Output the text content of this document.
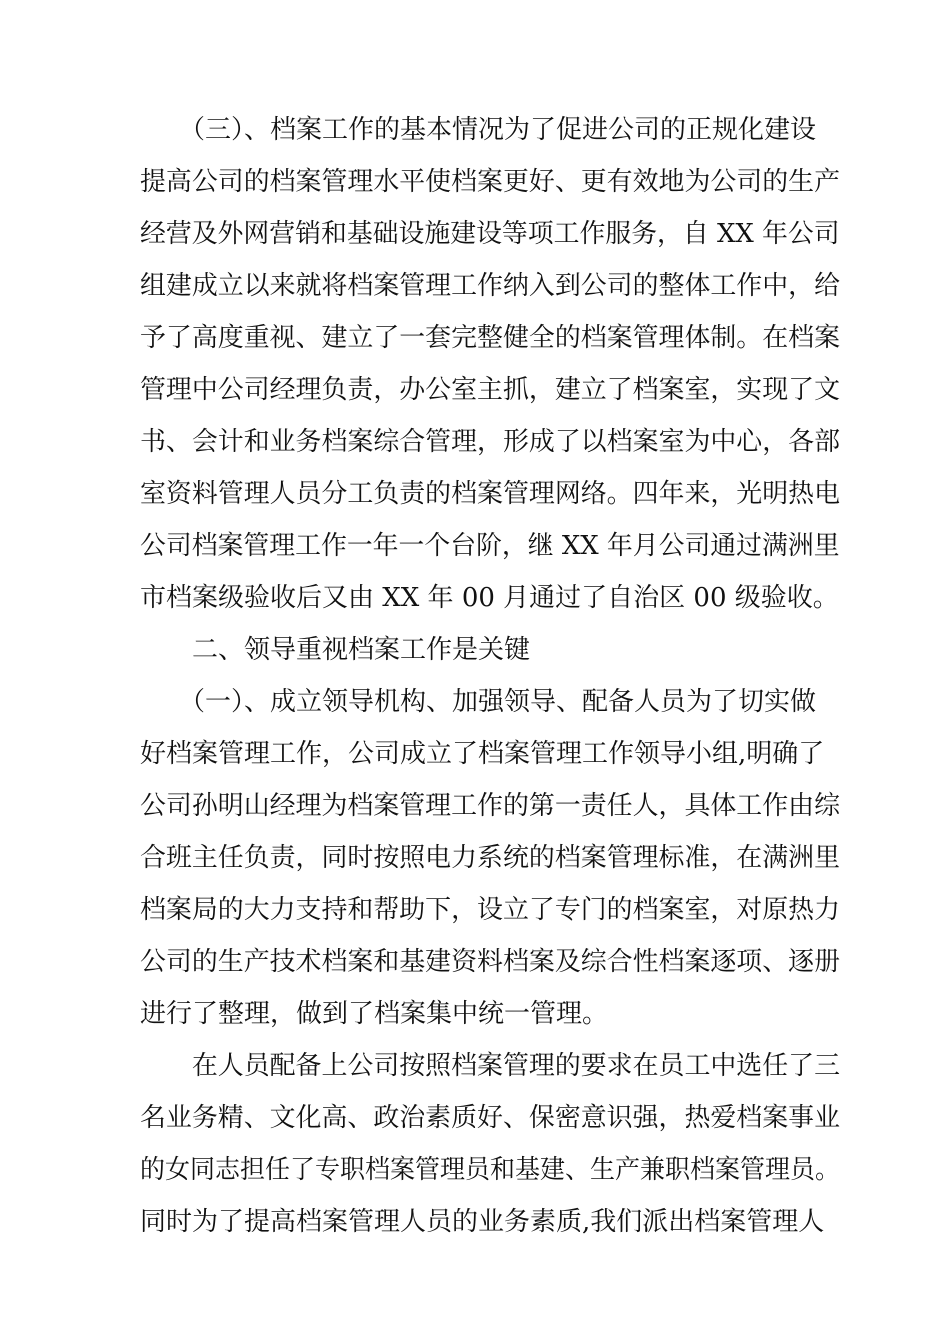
　　（三）、档案工作的基本情况为了促进公司的正规化建设
提高公司的档案管理水平使档案更好、更有效地为公司的生产
经营及外网营销和基础设施建设等项工作服务，自 XX 年公司
组建成立以来就将档案管理工作纳入到公司的整体工作中，给
予了高度重视、建立了一套完整健全的档案管理体制。在档案
管理中公司经理负责，办公室主抓，建立了档案室，实现了文
书、会计和业务档案综合管理，形成了以档案室为中心，各部
室资料管理人员分工负责的档案管理网络。四年来，光明热电
公司档案管理工作一年一个台阶，继 XX 年月公司通过满洲里
市档案级验收后又由 XX 年 00 月通过了自治区 00 级验收。
　　二、领导重视档案工作是关键
　　（一）、成立领导机构、加强领导、配备人员为了切实做
好档案管理工作，公司成立了档案管理工作领导小组,明确了
公司孙明山经理为档案管理工作的第一责任人，具体工作由综
合班主任负责，同时按照电力系统的档案管理标准，在满洲里
档案局的大力支持和帮助下，设立了专门的档案室，对原热力
公司的生产技术档案和基建资料档案及综合性档案逐项、逐册
进行了整理，做到了档案集中统一管理。
　　在人员配备上公司按照档案管理的要求在员工中选任了三
名业务精、文化高、政治素质好、保密意识强，热爱档案事业
的女同志担任了专职档案管理员和基建、生产兼职档案管理员。
同时为了提高档案管理人员的业务素质,我们派出档案管理人
